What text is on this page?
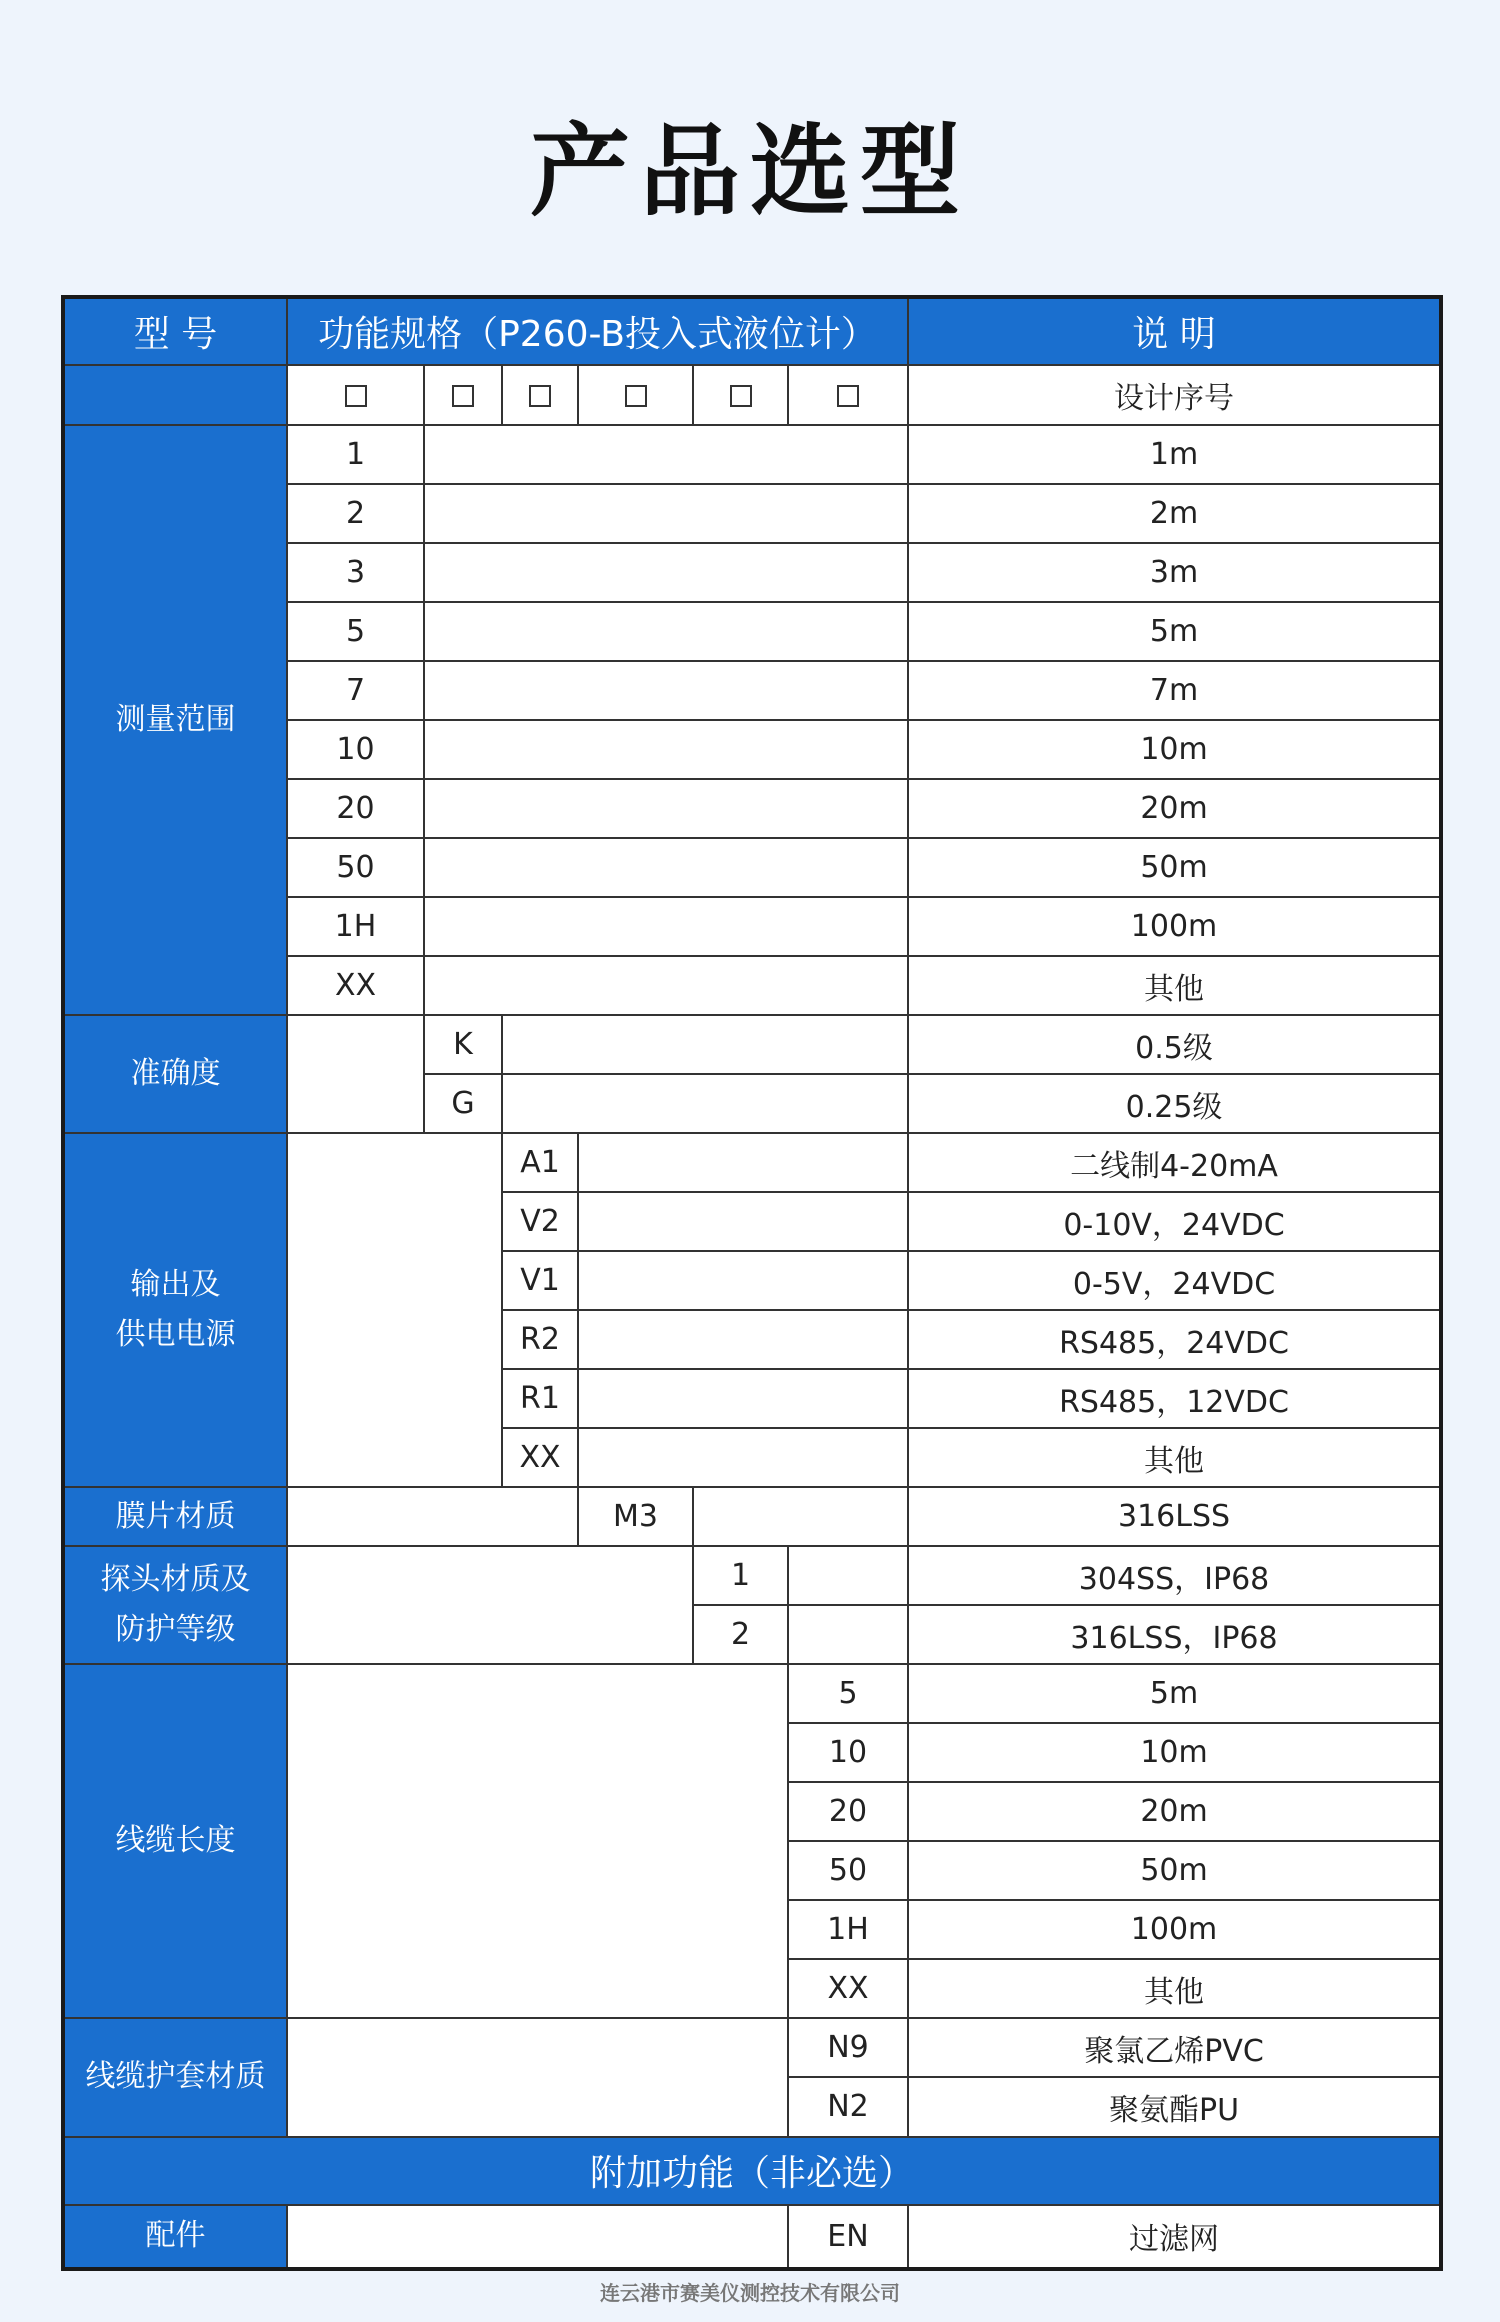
产品选型
型 号	功能规格（P260-B投入式液位计）						说 明
							设计序号
测量范围	1						1m
	2						2m
	3						3m
	5						5m
	7						7m
	10						10m
	20						20m
	50						50m
	1H						100m
	XX						其他
准确度		K					0.5级
		G					0.25级

输出及
供电电源			A1				二线制4-20mA
			V2				0-10V，24VDC
			V1				0-5V，24VDC
			R2				RS485，24VDC
			R1				RS485，12VDC
			XX				其他
膜片材质				M3			316LSS

探头材质及
防护等级					1		304SS，IP68
					2		316LSS，IP68
线缆长度						5	5m
						10	10m
						20	20m
						50	50m
						1H	100m
						XX	其他
线缆护套材质						N9	聚氯乙烯PVC
						N2	聚氨酯PU
附加功能（非必选）							
配件						EN	过滤网
连云港市赛美仪测控技术有限公司
